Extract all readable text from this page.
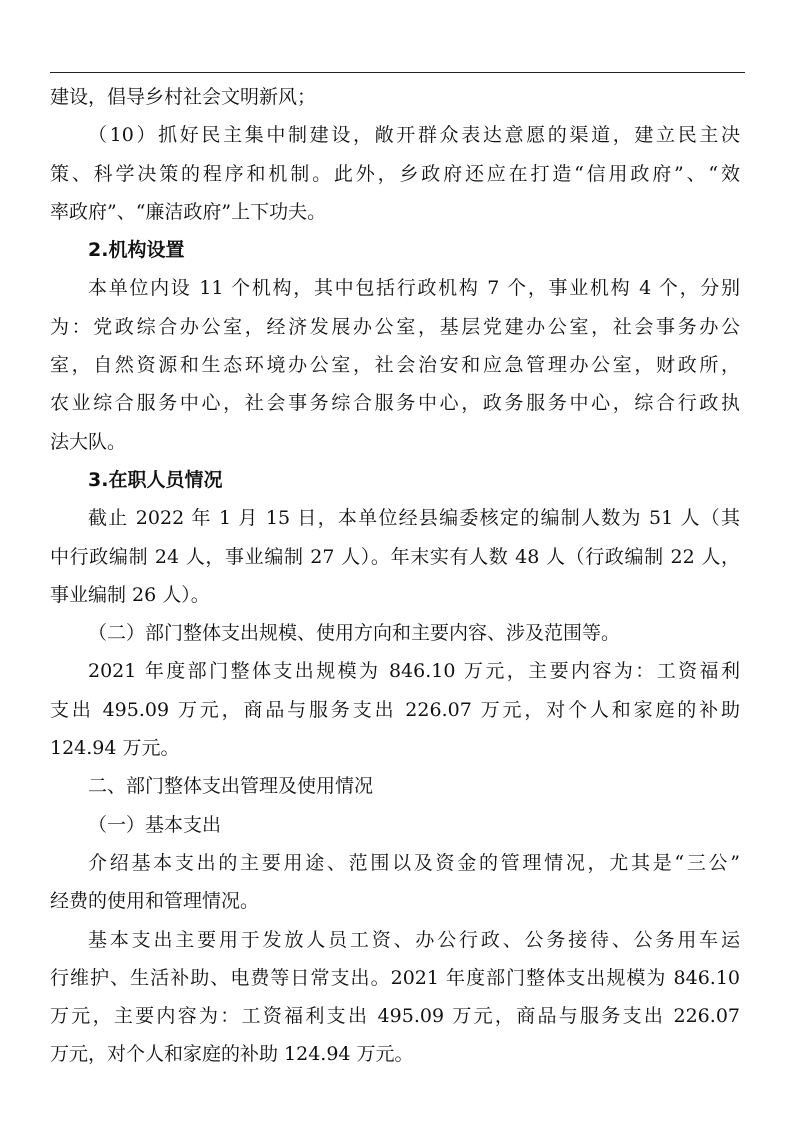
建设，倡导乡村社会文明新风；
（10）抓好民主集中制建设，敞开群众表达意愿的渠道，建立民主决
策、科学决策的程序和机制。此外，乡政府还应在打造“信用政府”、“效
率政府”、“廉洁政府”上下功夫。
2.机构设置
本单位内设 11 个机构，其中包括行政机构 7 个，事业机构 4 个，分别
为：党政综合办公室，经济发展办公室，基层党建办公室，社会事务办公
室，自然资源和生态环境办公室，社会治安和应急管理办公室，财政所，
农业综合服务中心，社会事务综合服务中心，政务服务中心，综合行政执
法大队。
3.在职人员情况
截止 2022 年 1 月 15 日，本单位经县编委核定的编制人数为 51 人（其
中行政编制 24 人，事业编制 27 人）。年末实有人数 48 人（行政编制 22 人，
事业编制 26 人）。
（二）部门整体支出规模、使用方向和主要内容、涉及范围等。
2021 年度部门整体支出规模为 846.10 万元，主要内容为：工资福利
支出 495.09 万元，商品与服务支出 226.07 万元，对个人和家庭的补助
124.94 万元。
二、部门整体支出管理及使用情况
（一）基本支出
介绍基本支出的主要用途、范围以及资金的管理情况，尤其是“三公”
经费的使用和管理情况。
基本支出主要用于发放人员工资、办公行政、公务接待、公务用车运
行维护、生活补助、电费等日常支出。2021 年度部门整体支出规模为 846.10
万元，主要内容为：工资福利支出 495.09 万元，商品与服务支出 226.07
万元，对个人和家庭的补助 124.94 万元。
